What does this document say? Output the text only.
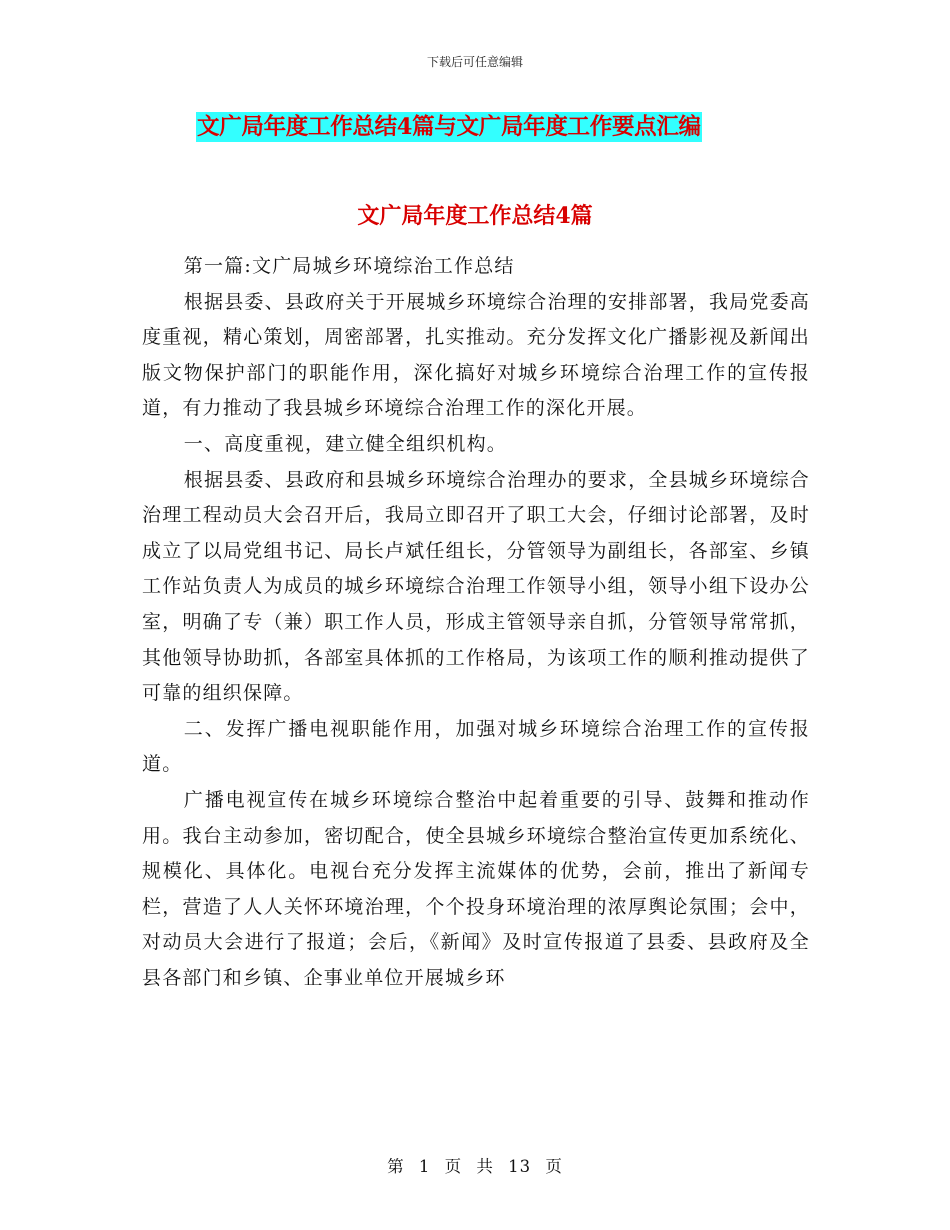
下载后可任意编辑
文广局年度工作总结4篇与文广局年度工作要点汇编
文广局年度工作总结4篇

第一篇:文广局城乡环境综治工作总结

根据县委、县政府关于开展城乡环境综合治理的安排部署，我局党委高度重视，精心策划，周密部署，扎实推动。充分发挥文化广播影视及新闻出版文物保护部门的职能作用，深化搞好对城乡环境综合治理工作的宣传报道，有力推动了我县城乡环境综合治理工作的深化开展。

一、高度重视，建立健全组织机构。

根据县委、县政府和县城乡环境综合治理办的要求，全县城乡环境综合治理工程动员大会召开后，我局立即召开了职工大会，仔细讨论部署，及时成立了以局党组书记、局长卢斌任组长，分管领导为副组长，各部室、乡镇工作站负责人为成员的城乡环境综合治理工作领导小组，领导小组下设办公室，明确了专（兼）职工作人员，形成主管领导亲自抓，分管领导常常抓，其他领导协助抓，各部室具体抓的工作格局，为该项工作的顺利推动提供了可靠的组织保障。

二、发挥广播电视职能作用，加强对城乡环境综合治理工作的宣传报道。

广播电视宣传在城乡环境综合整治中起着重要的引导、鼓舞和推动作用。我台主动参加，密切配合，使全县城乡环境综合整治宣传更加系统化、规模化、具体化。电视台充分发挥主流媒体的优势，会前，推出了新闻专栏，营造了人人关怀环境治理，个个投身环境治理的浓厚舆论氛围；会中，对动员大会进行了报道；会后，《新闻》及时宣传报道了县委、县政府及全县各部门和乡镇、企事业单位开展城乡环

第 1 页 共 13 页
